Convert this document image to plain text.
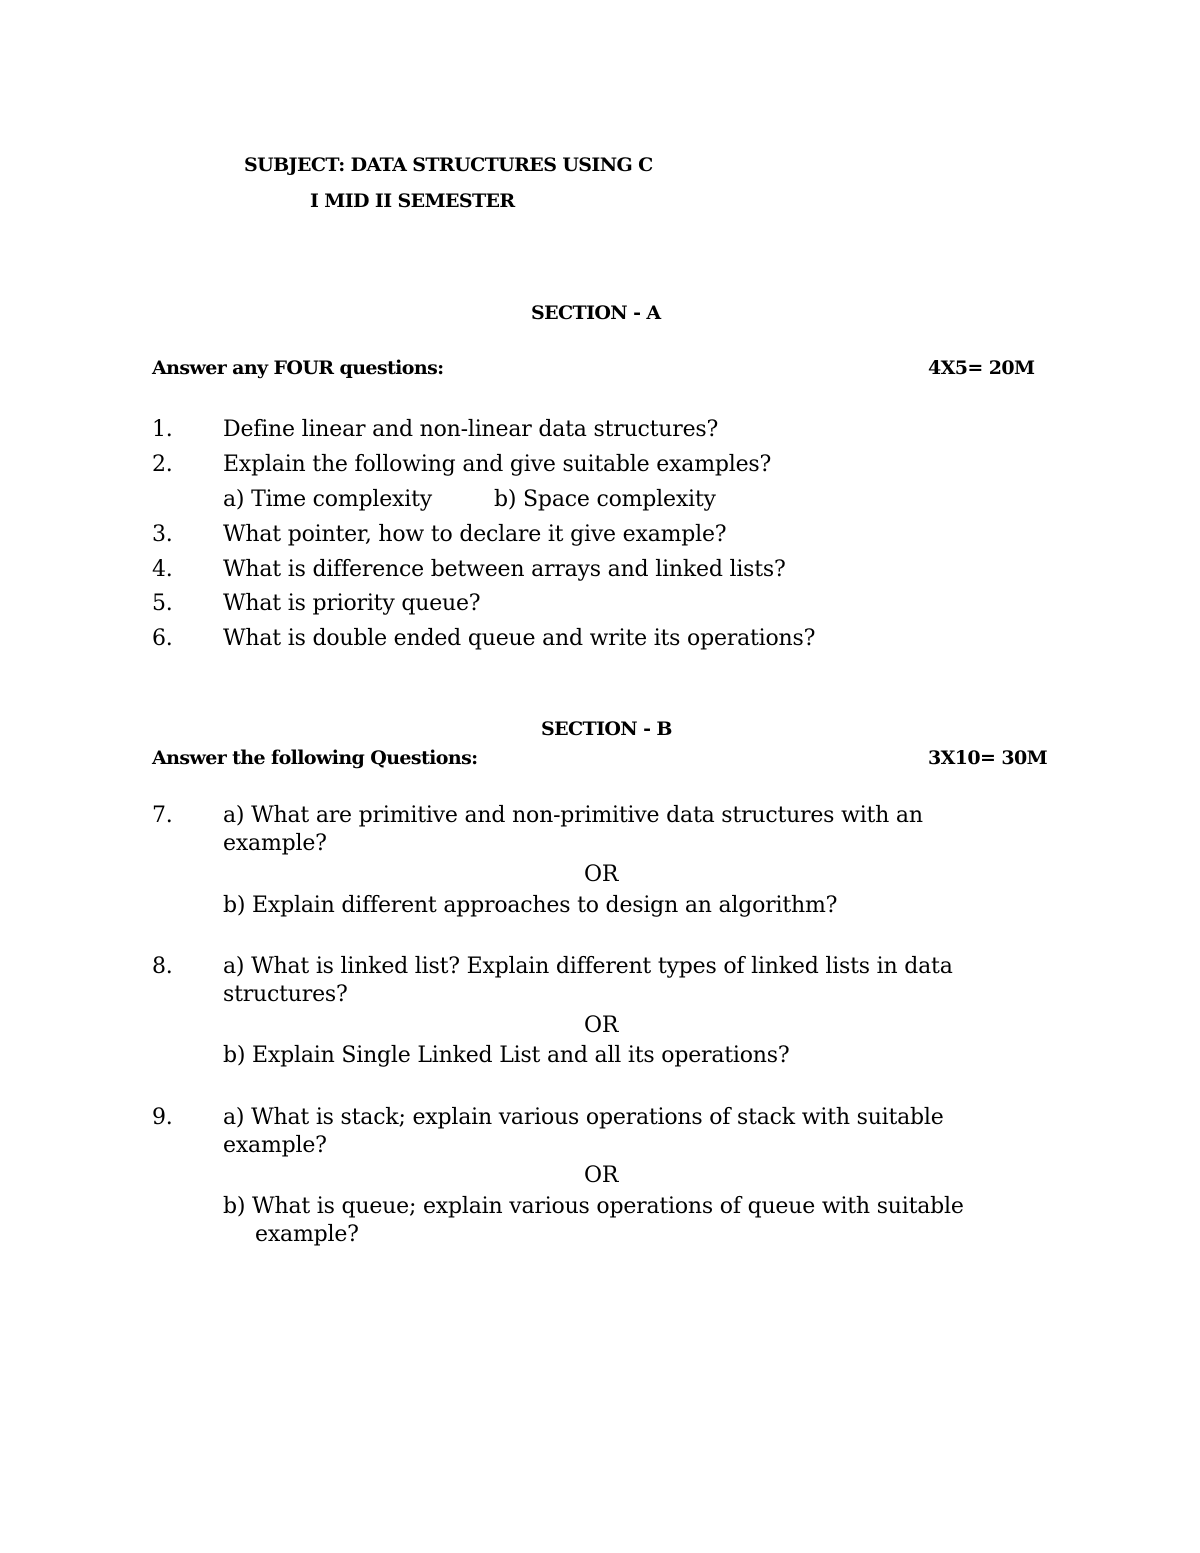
SUBJECT: DATA STRUCTURES USING C
I MID II SEMESTER
SECTION - A
Answer any FOUR questions:	4X5= 20M
1. Define linear and non-linear data structures?
2. Explain the following and give suitable examples?
a) Time complexity	b) Space complexity
3. What pointer, how to declare it give example?
4. What is difference between arrays and linked lists?
5. What is priority queue?
6. What is double ended queue and write its operations?
SECTION - B
Answer the following Questions:	3X10= 30M
7. a) What are primitive and non-primitive data structures with an
example?
OR
b) Explain different approaches to design an algorithm?
8. a) What is linked list? Explain different types of linked lists in data
structures?
OR
b) Explain Single Linked List and all its operations?
9. a) What is stack; explain various operations of stack with suitable
example?
OR
b) What is queue; explain various operations of queue with suitable
example?
